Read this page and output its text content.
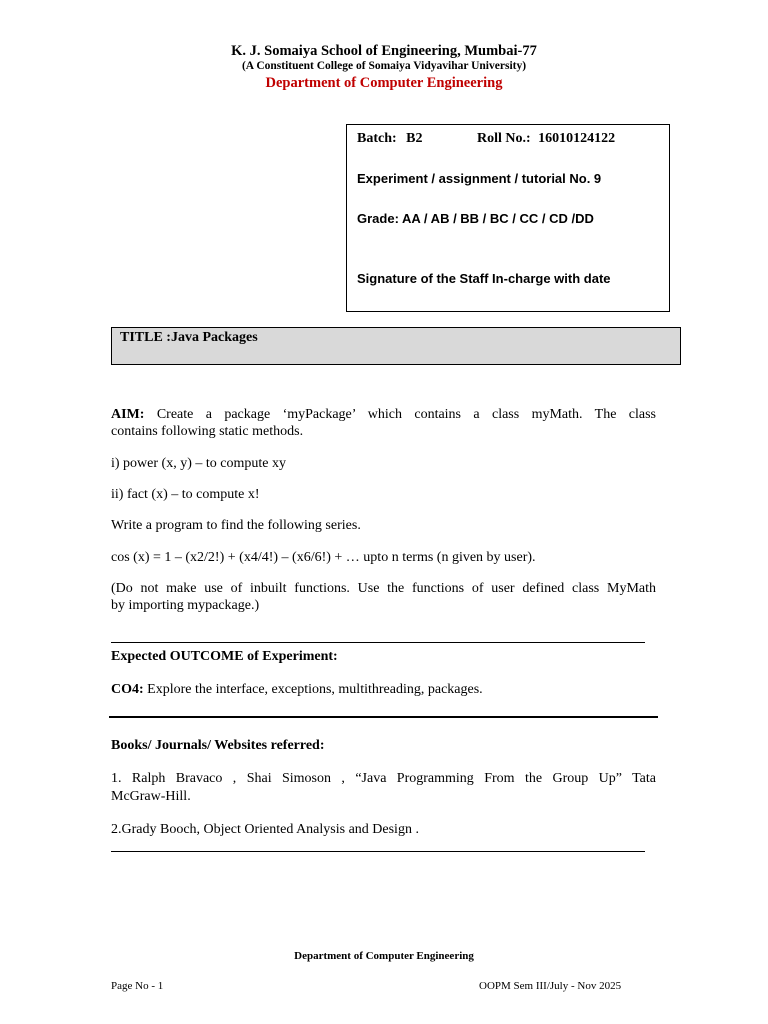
K. J. Somaiya School of Engineering, Mumbai-77
(A Constituent College of Somaiya Vidyavihar University)
Department of Computer Engineering
Batch: B2	Roll No.: 16010124122
Experiment / assignment / tutorial No. 9
Grade: AA / AB / BB / BC / CC / CD /DD
Signature of the Staff In-charge with date
TITLE :Java Packages
AIM: Create a package ‘myPackage’ which contains a class myMath. The class
contains following static methods.
i) power (x, y) – to compute xy
ii) fact (x) – to compute x!
Write a program to find the following series.
cos (x) = 1 – (x2/2!) + (x4/4!) – (x6/6!) + … upto n terms (n given by user).
(Do not make use of inbuilt functions. Use the functions of user defined class MyMath
by importing mypackage.)
Expected OUTCOME of Experiment:
CO4: Explore the interface, exceptions, multithreading, packages.
Books/ Journals/ Websites referred:
1. Ralph Bravaco , Shai Simoson , “Java Programming From the Group Up” Tata
McGraw-Hill.
2.Grady Booch, Object Oriented Analysis and Design .
Department of Computer Engineering
Page No - 1	OOPM Sem III/July - Nov 2025
